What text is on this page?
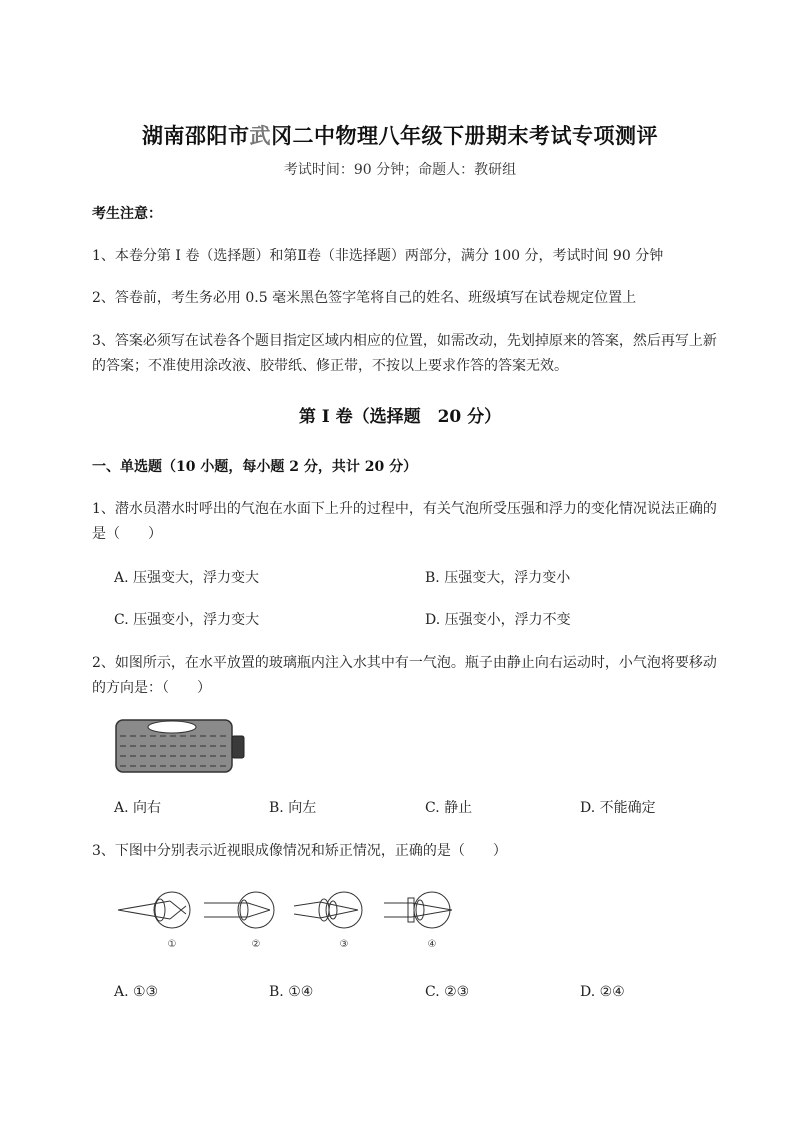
湖南邵阳市武冈二中物理八年级下册期末考试专项测评
考试时间：90 分钟；命题人：教研组
考生注意：
1、本卷分第 I 卷（选择题）和第Ⅱ卷（非选择题）两部分，满分 100 分，考试时间 90 分钟
2、答卷前，考生务必用 0.5 毫米黑色签字笔将自己的姓名、班级填写在试卷规定位置上
3、答案必须写在试卷各个题目指定区域内相应的位置，如需改动，先划掉原来的答案，然后再写上新
的答案；不准使用涂改液、胶带纸、修正带，不按以上要求作答的答案无效。
第 I 卷（选择题　20 分）
一、单选题（10 小题，每小题 2 分，共计 20 分）
1、潜水员潜水时呼出的气泡在水面下上升的过程中，有关气泡所受压强和浮力的变化情况说法正确的
是（　　）
A. 压强变大，浮力变大	B. 压强变大，浮力变小
C. 压强变小，浮力变大	D. 压强变小，浮力不变
2、如图所示，在水平放置的玻璃瓶内注入水其中有一气泡。瓶子由静止向右运动时，小气泡将要移动
的方向是：（　　）
A. 向右	B. 向左	C. 静止	D. 不能确定
3、下图中分别表示近视眼成像情况和矫正情况，正确的是（　　）
①	②	③	④
A. ①③	B. ①④	C. ②③	D. ②④
